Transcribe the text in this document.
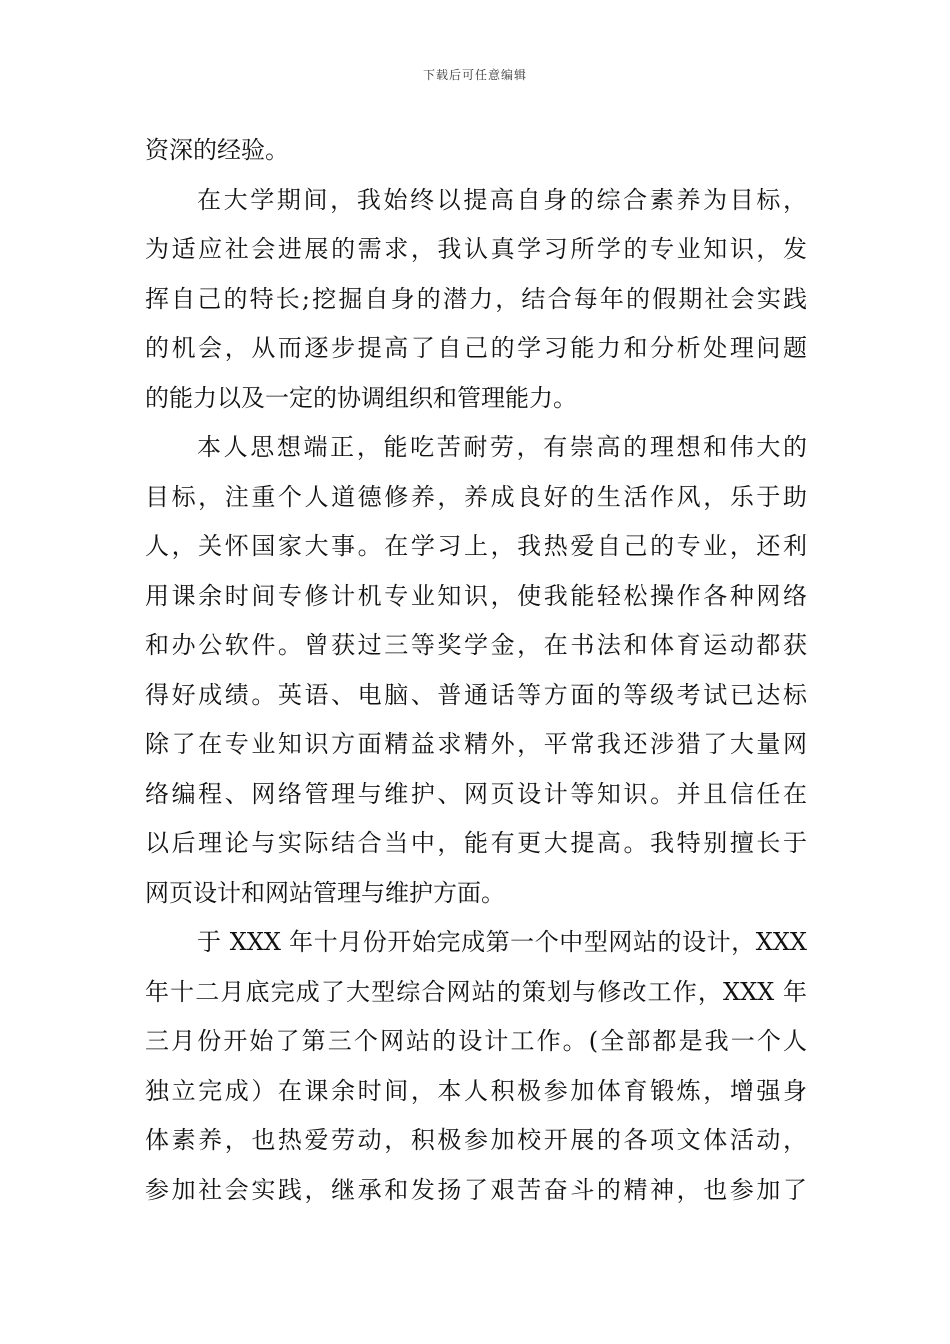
下载后可任意编辑
资深的经验。
在大学期间，我始终以提高自身的综合素养为目标，
为适应社会进展的需求，我认真学习所学的专业知识，发
挥自己的特长;挖掘自身的潜力，结合每年的假期社会实践
的机会，从而逐步提高了自己的学习能力和分析处理问题
的能力以及一定的协调组织和管理能力。
本人思想端正，能吃苦耐劳，有崇高的理想和伟大的
目标，注重个人道德修养，养成良好的生活作风，乐于助
人，关怀国家大事。在学习上，我热爱自己的专业，还利
用课余时间专修计机专业知识，使我能轻松操作各种网络
和办公软件。曾获过三等奖学金，在书法和体育运动都获
得好成绩。英语、电脑、普通话等方面的等级考试已达标
除了在专业知识方面精益求精外，平常我还涉猎了大量网
络编程、网络管理与维护、网页设计等知识。并且信任在
以后理论与实际结合当中，能有更大提高。我特别擅长于
网页设计和网站管理与维护方面。
于 XXX 年十月份开始完成第一个中型网站的设计，XXX
年十二月底完成了大型综合网站的策划与修改工作，XXX 年
三月份开始了第三个网站的设计工作。(全部都是我一个人
独立完成）在课余时间，本人积极参加体育锻炼，增强身
体素养，也热爱劳动，积极参加校开展的各项文体活动，
参加社会实践，继承和发扬了艰苦奋斗的精神，也参加了
